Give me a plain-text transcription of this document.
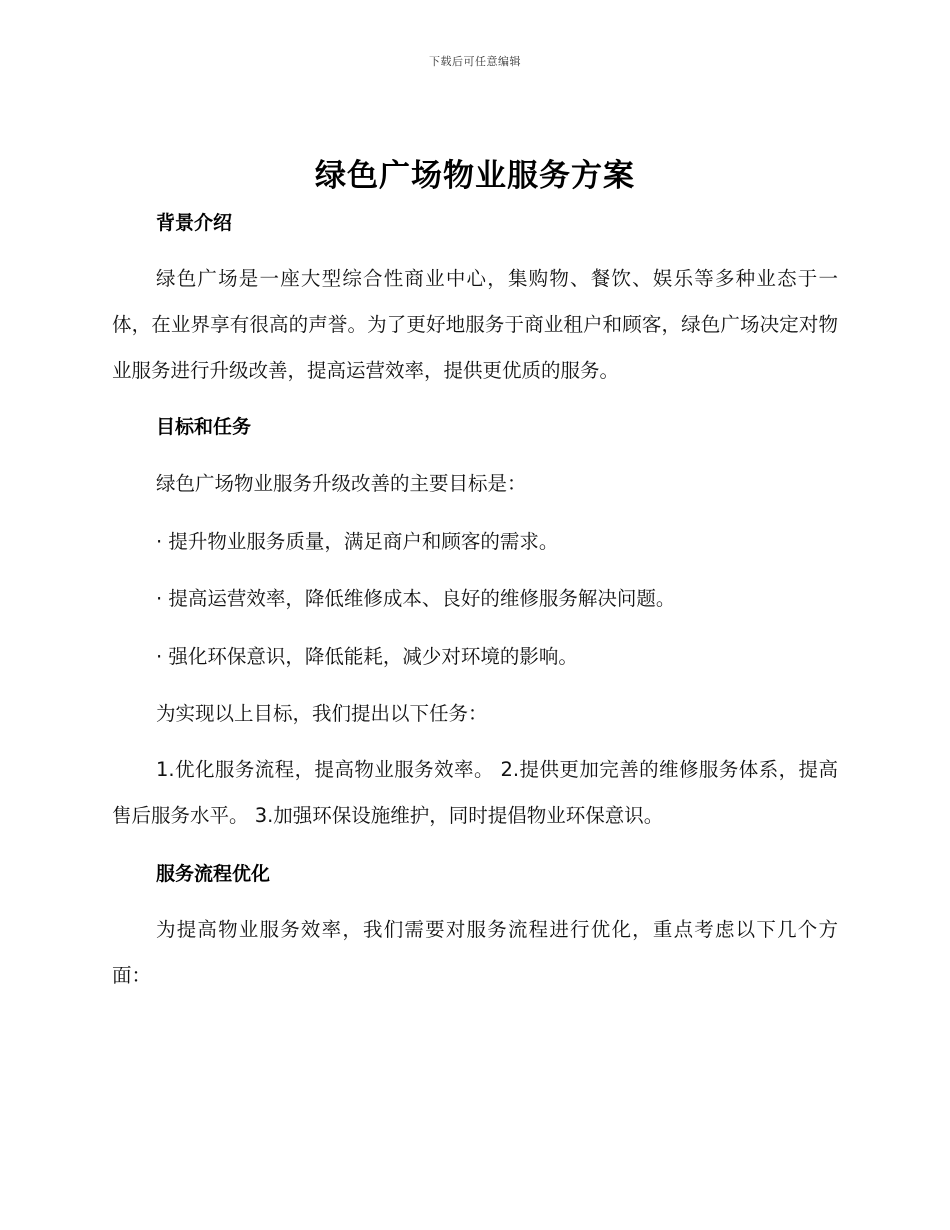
下载后可任意编辑
绿色广场物业服务方案
背景介绍

绿色广场是一座大型综合性商业中心，集购物、餐饮、娱乐等多种业态于一体，在业界享有很高的声誉。为了更好地服务于商业租户和顾客，绿色广场决定对物业服务进行升级改善，提高运营效率，提供更优质的服务。

目标和任务

绿色广场物业服务升级改善的主要目标是：

· 提升物业服务质量，满足商户和顾客的需求。

· 提高运营效率，降低维修成本、良好的维修服务解决问题。

· 强化环保意识，降低能耗，减少对环境的影响。

为实现以上目标，我们提出以下任务：

1.优化服务流程，提高物业服务效率。 2.提供更加完善的维修服务体系，提高售后服务水平。 3.加强环保设施维护，同时提倡物业环保意识。

服务流程优化

为提高物业服务效率，我们需要对服务流程进行优化，重点考虑以下几个方面：
